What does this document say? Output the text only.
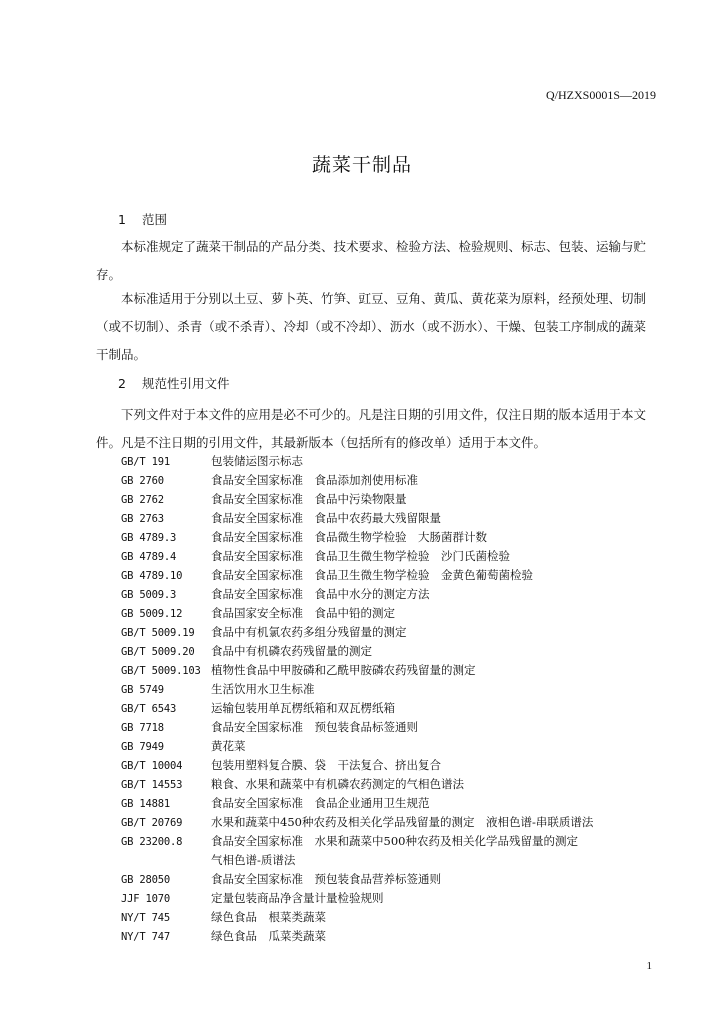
Q/HZXS0001S—2019
蔬菜干制品
1 范围
本标准规定了蔬菜干制品的产品分类、技术要求、检验方法、检验规则、标志、包装、运输与贮存。
本标准适用于分别以土豆、萝卜英、竹笋、豇豆、豆角、黄瓜、黄花菜为原料，经预处理、切制（或不切制）、杀青（或不杀青）、冷却（或不冷却）、沥水（或不沥水）、干燥、包装工序制成的蔬菜干制品。
2 规范性引用文件
下列文件对于本文件的应用是必不可少的。凡是注日期的引用文件，仅注日期的版本适用于本文件。凡是不注日期的引用文件，其最新版本（包括所有的修改单）适用于本文件。
GB/T 191	包装储运图示标志
GB 2760	食品安全国家标准　食品添加剂使用标准
GB 2762	食品安全国家标准　食品中污染物限量
GB 2763	食品安全国家标准　食品中农药最大残留限量
GB 4789.3	食品安全国家标准　食品微生物学检验　大肠菌群计数
GB 4789.4	食品安全国家标准　食品卫生微生物学检验　沙门氏菌检验
GB 4789.10	食品安全国家标准　食品卫生微生物学检验　金黄色葡萄菌检验
GB 5009.3	食品安全国家标准　食品中水分的测定方法
GB 5009.12	食品国家安全标准　食品中铅的测定
GB/T 5009.19 食品中有机氯农药多组分残留量的测定
GB/T 5009.20 食品中有机磷农药残留量的测定
GB/T 5009.103 植物性食品中甲胺磷和乙酰甲胺磷农药残留量的测定
GB 5749	生活饮用水卫生标准
GB/T 6543	运输包装用单瓦楞纸箱和双瓦楞纸箱
GB 7718	食品安全国家标准　预包装食品标签通则
GB 7949	黄花菜
GB/T 10004	包装用塑料复合膜、袋　干法复合、挤出复合
GB/T 14553	粮食、水果和蔬菜中有机磷农药测定的气相色谱法
GB 14881	食品安全国家标准　食品企业通用卫生规范
GB/T 20769	水果和蔬菜中450种农药及相关化学品残留量的测定　液相色谱-串联质谱法
GB 23200.8	食品安全国家标准　水果和蔬菜中500种农药及相关化学品残留量的测定
气相色谱-质谱法
GB 28050	食品安全国家标准　预包装食品营养标签通则
JJF 1070	定量包装商品净含量计量检验规则
NY/T 745	绿色食品　根菜类蔬菜
NY/T 747	绿色食品　瓜菜类蔬菜
1
